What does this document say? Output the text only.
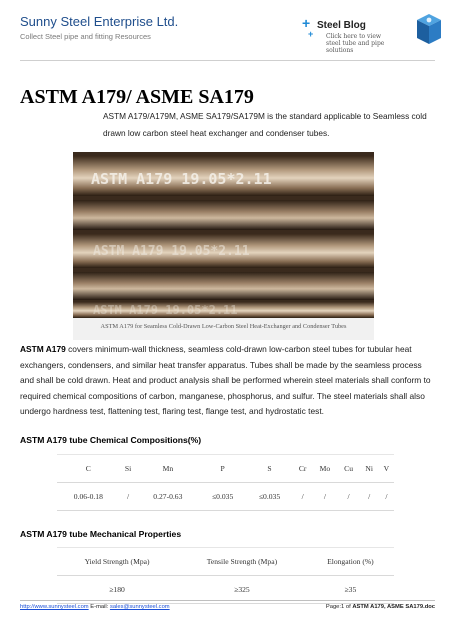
Sunny Steel Enterprise Ltd.
Collect Steel pipe and fitting Resources
+
+
Steel Blog
Click here to view
steel tube and pipe solutions
ASTM A179/ ASME SA179
ASTM A179/A179M, ASME SA179/SA179M is the standard applicable to Seamless cold drawn low carbon steel heat exchanger and condenser tubes.
ASTM A179 19.05*2.11
ASTM A179 19.05*2.11
ASTM A179 19.05*2.11
ASTM A179 for Seamless Cold-Drawn Low-Carbon Steel Heat-Exchanger and Condenser Tubes
ASTM A179 covers minimum-wall thickness, seamless cold-drawn low-carbon steel tubes for tubular heat exchangers, condensers, and similar heat transfer apparatus. Tubes shall be made by the seamless process and shall be cold drawn. Heat and product analysis shall be performed wherein steel materials shall conform to required chemical compositions of carbon, manganese, phosphorus, and sulfur. The steel materials shall also undergo hardness test, flattening test, flaring test, flange test, and hydrostatic test.
ASTM A179 tube Chemical Compositions(%)
C	Si	Mn	P	S	Cr	Mo	Cu	Ni	V
0.06-0.18	/	0.27-0.63	≤0.035	≤0.035	/	/	/	/	/
ASTM A179 tube Mechanical Properties
Yield Strength (Mpa)	Tensile Strength (Mpa)	Elongation (%)
≥180	≥325	≥35
http://www.sunnysteel.com E-mail: sales@sunnysteel.com	Page:1 of ASTM A179, ASME SA179.doc
